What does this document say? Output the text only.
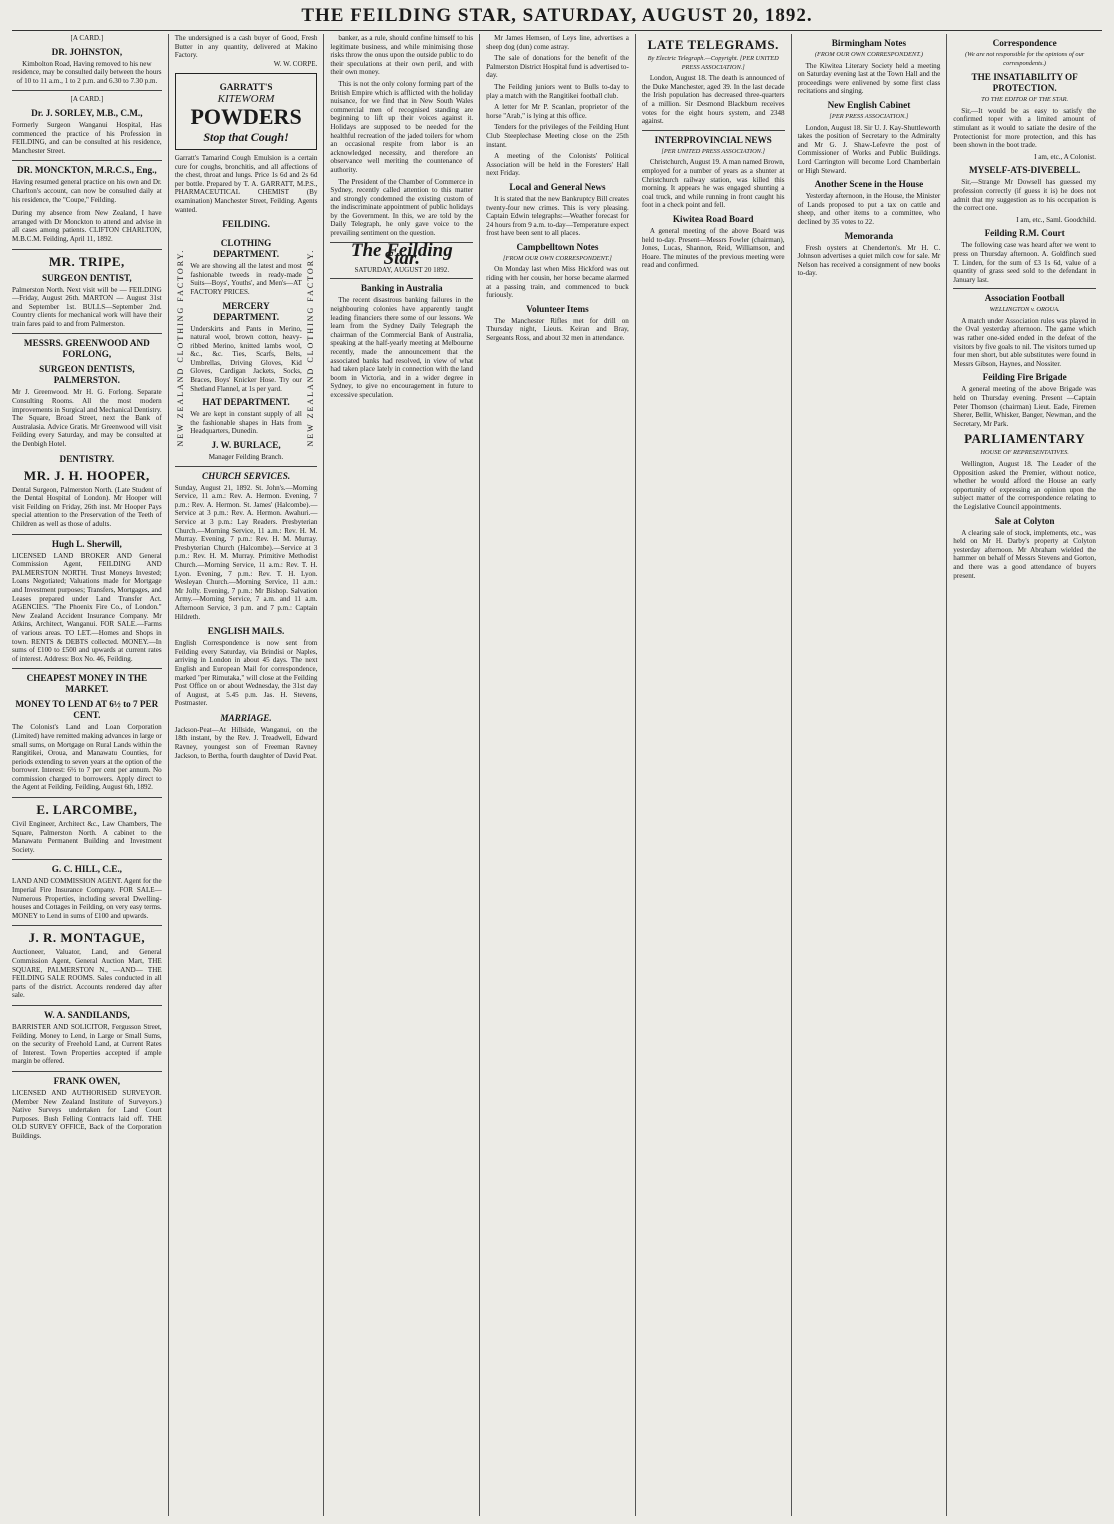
THE FEILDING STAR, SATURDAY, AUGUST 20, 1892.
[A CARD.]
DR. JOHNSTON,
Kimbolton Road, Having removed to his new residence, may be consulted daily between the hours of 10 to 11 a.m., 1 to 2 p.m. and 6.30 to 7.30 p.m.
[A CARD.]
Dr. J. SORLEY, M.B., C.M.,
Formerly Surgeon Wanganui Hospital, Has commenced the practice of his Profession in FEILDING, and can be consulted at his residence, Manchester Street.
DR. MONCKTON, M.R.C.S., Eng.,
Having resumed general practice on his own and Dr. Charlton's account, can now be consulted daily at his residence, the "Coupe," Feilding.
During my absence from New Zealand, I have arranged with Dr Monckton to attend and advise in all cases among patients. CLIFTON CHARLTON, M.B.C.M. Feilding, April 11, 1892.
MR. TRIPE,
SURGEON DENTIST,
Palmerston North. Next visit will be — FEILDING—Friday, August 26th. MARTON — August 31st and September 1st. BULLS—September 2nd. Country clients for mechanical work will have their train fares paid to and from Palmerston.
MESSRS. GREENWOOD AND FORLONG,
SURGEON DENTISTS, PALMERSTON.
Mr J. Greenwood. Mr H. G. Forlong. Separate Consulting Rooms. All the most modern improvements in Surgical and Mechanical Dentistry. The Square, Broad Street, next the Bank of Australasia. Advice Gratis. Mr Greenwood will visit Feilding every Saturday, and may be consulted at the Denbigh Hotel.
DENTISTRY.
MR. J. H. HOOPER,
Dental Surgeon, Palmerston North. (Late Student of the Dental Hospital of London). Mr Hooper will visit Feilding on Friday, 26th inst. Mr Hooper Pays special attention to the Preservation of the Teeth of Children as well as those of adults.
Hugh L. Sherwill,
LICENSED LAND BROKER AND General Commission Agent, FEILDING AND PALMERSTON NORTH. Trust Moneys Invested; Loans Negotiated; Valuations made for Mortgage and Investment purposes; Transfers, Mortgages, and Leases prepared under Land Transfer Act. AGENCIES. "The Phoenix Fire Co., of London." New Zealand Accident Insurance Company. Mr Atkins, Architect, Wanganui. FOR SALE.—Farms of various areas. TO LET.—Homes and Shops in town. RENTS & DEBTS collected. MONEY.—In sums of £100 to £500 and upwards at current rates of interest. Address: Box No. 46, Feilding.
CHEAPEST MONEY IN THE MARKET.
MONEY TO LEND AT 6½ to 7 PER CENT.
The Colonist's Land and Loan Corporation (Limited) have remitted making advances in large or small sums, on Mortgage on Rural Lands within the Rangitikei, Oroua, and Manawatu Counties, for periods extending to seven years at the option of the borrower. Interest: 6½ to 7 per cent per annum. No commission charged to borrowers. Apply direct to the Agent at Feilding. Feilding, August 6th, 1892.
E. LARCOMBE,
Civil Engineer, Architect &c., Law Chambers, The Square, Palmerston North. A cabinet to the Manawatu Permanent Building and Investment Society.
G. C. HILL, C.E.,
LAND AND COMMISSION AGENT. Agent for the Imperial Fire Insurance Company. FOR SALE—Numerous Properties, including several Dwelling-houses and Cottages in Feilding, on very easy terms. MONEY to Lend in sums of £100 and upwards.
J. R. MONTAGUE,
Auctioneer, Valuator, Land, and General Commission Agent, General Auction Mart, THE SQUARE, PALMERSTON N., —AND— THE FEILDING SALE ROOMS. Sales conducted in all parts of the district. Accounts rendered day after sale.
W. A. SANDILANDS,
BARRISTER AND SOLICITOR, Fergusson Street, Feilding. Money to Lend, in Large or Small Sums, on the security of Freehold Land, at Current Rates of Interest. Town Properties accepted if ample margin be offered.
FRANK OWEN,
LICENSED AND AUTHORISED SURVEYOR. (Member New Zealand Institute of Surveyors.) Native Surveys undertaken for Land Court Purposes. Bush Felling Contracts laid off. THE OLD SURVEY OFFICE, Back of the Corporation Buildings.
The undersigned is a cash buyer of Good, Fresh Butter in any quantity, delivered at Makino Factory.
W. W. CORPE.
GARRATT'S
KITEWORM
POWDERS
Stop that Cough!
Garratt's Tamarind Cough Emulsion is a certain cure for coughs, bronchitis, and all affections of the chest, throat and lungs. Price 1s 6d and 2s 6d per bottle. Prepared by T. A. GARRATT, M.P.S., PHARMACEUTICAL CHEMIST (By examination) Manchester Street, Feilding. Agents wanted.
FEILDING.
NEW ZEALAND CLOTHING FACTORY.
CLOTHING DEPARTMENT.
We are showing all the latest and most fashionable tweeds in ready-made Suits—Boys', Youths', and Men's—AT FACTORY PRICES.
MERCERY DEPARTMENT.
Underskirts and Pants in Merino, natural wool, brown cotton, heavy-ribbed Merino, knitted lambs wool, &c., &c. Ties, Scarfs, Belts, Umbrellas, Driving Gloves, Kid Gloves, Cardigan Jackets, Socks, Braces, Boys' Knicker Hose. Try our Shetland Flannel, at 1s per yard.
HAT DEPARTMENT.
We are kept in constant supply of all the fashionable shapes in Hats from Headquarters, Dunedin.
J. W. BURLACE,
Manager Feilding Branch.
NEW ZEALAND CLOTHING FACTORY.
CHURCH SERVICES.
Sunday, August 21, 1892. St. John's.—Morning Service, 11 a.m.: Rev. A. Hermon. Evening, 7 p.m.: Rev. A. Hermon. St. James' (Halcombe).—Service at 3 p.m.: Rev. A. Hermon. Awahuri.—Service at 3 p.m.: Lay Readers. Presbyterian Church.—Morning Service, 11 a.m.: Rev. H. M. Murray. Evening, 7 p.m.: Rev. H. M. Murray. Presbyterian Church (Halcombe).—Service at 3 p.m.: Rev. H. M. Murray. Primitive Methodist Church.—Morning Service, 11 a.m.: Rev. T. H. Lyon. Evening, 7 p.m.: Rev. T. H. Lyon. Wesleyan Church.—Morning Service, 11 a.m.: Mr Jolly. Evening, 7 p.m.: Mr Bishop. Salvation Army.—Morning Service, 7 a.m. and 11 a.m. Afternoon Service, 3 p.m. and 7 p.m.: Captain Hildreth.
ENGLISH MAILS.
English Correspondence is now sent from Feilding every Saturday, via Brindisi or Naples, arriving in London in about 45 days. The next English and European Mail for correspondence, marked "per Rimutaka," will close at the Feilding Post Office on or about Wednesday, the 31st day of August, at 5.45 p.m. Jas. H. Stevens, Postmaster.
MARRIAGE.
Jackson-Peat—At Hillside, Wanganui, on the 18th instant, by the Rev. J. Treadwell, Edward Ravney, youngest son of Freeman Ravney Jackson, to Bertha, fourth daughter of David Peat.

banker, as a rule, should confine himself to his legitimate business, and while minimising those risks throw the onus upon the outside public to do their speculations at their own peril, and with their own money.

This is not the only colony forming part of the British Empire which is afflicted with the holiday nuisance, for we find that in New South Wales commercial men of recognised standing are beginning to lift up their voices against it. Holidays are supposed to be needed for the healthful recreation of the jaded toilers for whom an occasional respite from labor is an acknowledged necessity, and therefore an observance well meriting the countenance of authority.

The President of the Chamber of Commerce in Sydney, recently called attention to this matter and strongly condemned the existing custom of the indiscriminate appointment of public holidays by the Government. In this, we are told by the Daily Telegraph, he only gave voice to the prevailing sentiment on the question.

The Feilding Star.
SATURDAY, AUGUST 20 1892.
Banking in Australia

The recent disastrous banking failures in the neighbouring colonies have apparently taught leading financiers there some of our lessons. We learn from the Sydney Daily Telegraph the chairman of the Commercial Bank of Australia, speaking at the half-yearly meeting at Melbourne recently, made the announcement that the associated banks had resolved, in view of what had taken place lately in connection with the land boom in Victoria, and in a wider degree in Sydney, to give no encouragement in future to excessive speculation.

Mr James Hemsen, of Leys line, advertises a sheep dog (dun) come astray.

The sale of donations for the benefit of the Palmerston District Hospital fund is advertised to-day.

The Feilding juniors went to Bulls to-day to play a match with the Rangitikei football club.

A letter for Mr P. Scanlan, proprietor of the horse "Arab," is lying at this office.

Tenders for the privileges of the Feilding Hunt Club Steeplechase Meeting close on the 25th instant.

A meeting of the Colonists' Political Association will be held in the Foresters' Hall next Friday.

Local and General News

It is stated that the new Bankruptcy Bill creates twenty-four new crimes. This is very pleasing. Captain Edwin telegraphs:—Weather forecast for 24 hours from 9 a.m. to-day—Temperature expect frost have been sent to all places.

Campbelltown Notes
[FROM OUR OWN CORRESPONDENT.]

On Monday last when Miss Hickford was out riding with her cousin, her horse became alarmed at a passing train, and commenced to buck furiously.

Volunteer Items

The Manchester Rifles met for drill on Thursday night, Lieuts. Keiran and Bray, Sergeants Ross, and about 32 men in attendance.

LATE TELEGRAMS.
By Electric Telegraph.—Copyright. [PER UNITED PRESS ASSOCIATION.]

London, August 18. The death is announced of the Duke Manchester, aged 39. In the last decade the Irish population has decreased three-quarters of a million. Sir Desmond Blackburn receives votes for the eight hours system, and 2348 against.

INTERPROVINCIAL NEWS
[PER UNITED PRESS ASSOCIATION.]

Christchurch, August 19. A man named Brown, employed for a number of years as a shunter at Christchurch railway station, was killed this morning. It appears he was engaged shunting a coal truck, and while running in front caught his foot in a check point and fell.

Kiwitea Road Board

A general meeting of the above Board was held to-day. Present—Messrs Fowler (chairman), Jones, Lucas, Shannon, Reid, Williamson, and Hoare. The minutes of the previous meeting were read and confirmed.

Birmingham Notes
(FROM OUR OWN CORRESPONDENT.)

The Kiwitea Literary Society held a meeting on Saturday evening last at the Town Hall and the proceedings were enlivened by some first class recitations and singing.

New English Cabinet
[PER PRESS ASSOCIATION.]

London, August 18. Sir U. J. Kay-Shuttleworth takes the position of Secretary to the Admiralty and Mr G. J. Shaw-Lefevre the post of Commissioner of Works and Public Buildings. Lord Carrington will become Lord Chamberlain or High Steward.

Another Scene in the House

Yesterday afternoon, in the House, the Minister of Lands proposed to put a tax on cattle and sheep, and other items to a committee, who declined by 35 votes to 22.

Memoranda

Fresh oysters at Chenderton's. Mr H. C. Johnson advertises a quiet milch cow for sale. Mr Nelson has received a consignment of new books to-day.

Correspondence
(We are not responsible for the opinions of our correspondents.)
THE INSATIABILITY OF PROTECTION.
TO THE EDITOR OF THE STAR.

Sir,—It would be as easy to satisfy the confirmed toper with a limited amount of stimulant as it would to satiate the desire of the Protectionist for more protection, and this has been shown in the boot trade.

I am, etc., A Colonist.
MYSELF-ATS-DIVEBELL.

Sir,—Strange Mr Dowsell has guessed my profession correctly (if guess it is) he does not admit that my suggestion as to his occupation is the correct one.

I am, etc., Saml. Goodchild.
Feilding R.M. Court

The following case was heard after we went to press on Thursday afternoon. A. Goldfinch sued T. Linden, for the sum of £3 1s 6d, value of a quantity of grass seed sold to the defendant in January last.

Association Football
WELLINGTON v. OROUA.

A match under Association rules was played in the Oval yesterday afternoon. The game which was rather one-sided ended in the defeat of the visitors by five goals to nil. The visitors turned up four men short, but able substitutes were found in Messrs Gibson, Haynes, and Nossiter.

Feilding Fire Brigade

A general meeting of the above Brigade was held on Thursday evening. Present —Captain Peter Thomson (chairman) Lieut. Eade, Firemen Sherer, Bellit, Whisker, Banger, Newman, and the Secretary, Mr Park.

PARLIAMENTARY
HOUSE OF REPRESENTATIVES.

Wellington, August 18. The Leader of the Opposition asked the Premier, without notice, whether he would afford the House an early opportunity of expressing an opinion upon the subject matter of the correspondence relating to the Legislative Council appointments.

Sale at Colyton

A clearing sale of stock, implements, etc., was held on Mr H. Darby's property at Colyton yesterday afternoon. Mr Abraham wielded the hammer on behalf of Messrs Stevens and Gorton, and there was a good attendance of buyers present.
